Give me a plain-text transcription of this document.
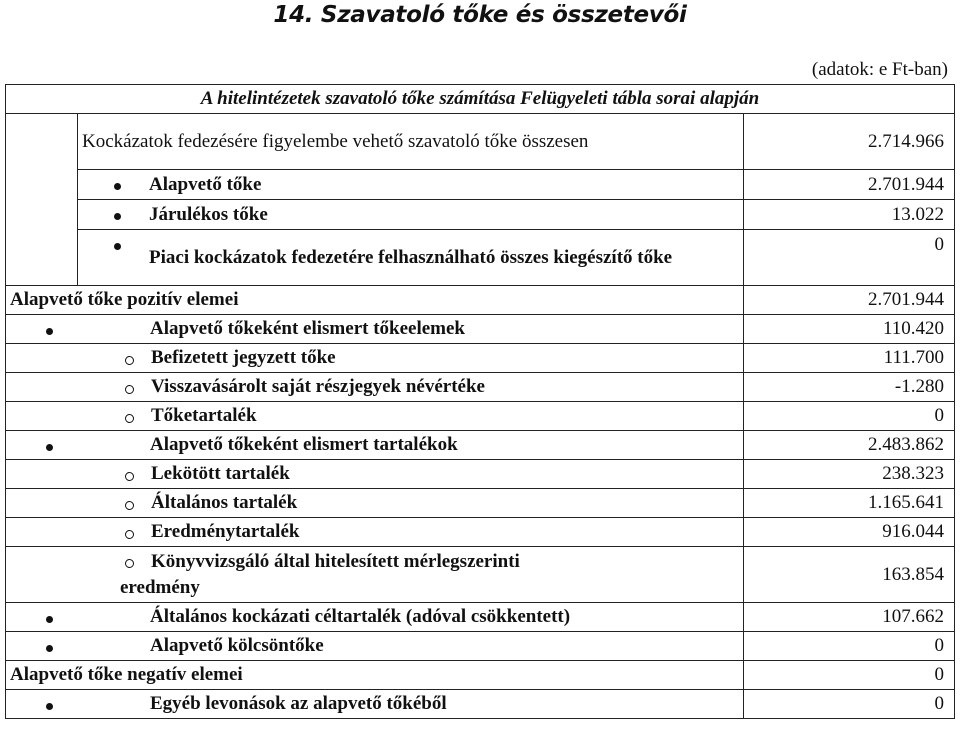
14. Szavatoló tőke és összetevői
(adatok: e Ft-ban)
A hitelintézetek szavatoló tőke számítása Felügyeleti tábla sorai alapján		
	Kockázatok fedezésére figyelembe vehető szavatoló tőke összesen	2.714.966

	Alapvető tőke	2.701.944

	Járulékos tőke	13.022

	Piaci kockázatok fedezetére felhasználható összes kiegészítő tőke	0
Alapvető tőke pozitív elemei		2.701.944

Alapvető tőkeként elismert tőkeelemek		110.420

Befizetett jegyzett tőke		111.700

Visszavásárolt saját részjegyek névértéke		-1.280

Tőketartalék		0

Alapvető tőkeként elismert tartalékok		2.483.862

Lekötött tartalék		238.323

Általános tartalék		1.165.641

Eredménytartalék		916.044

Könyvvizsgáló által hitelesített mérlegszerinti
eredmény		163.854

Általános kockázati céltartalék (adóval csökkentett)		107.662

Alapvető kölcsöntőke		0
Alapvető tőke negatív elemei		0

Egyéb levonások az alapvető tőkéből		0
